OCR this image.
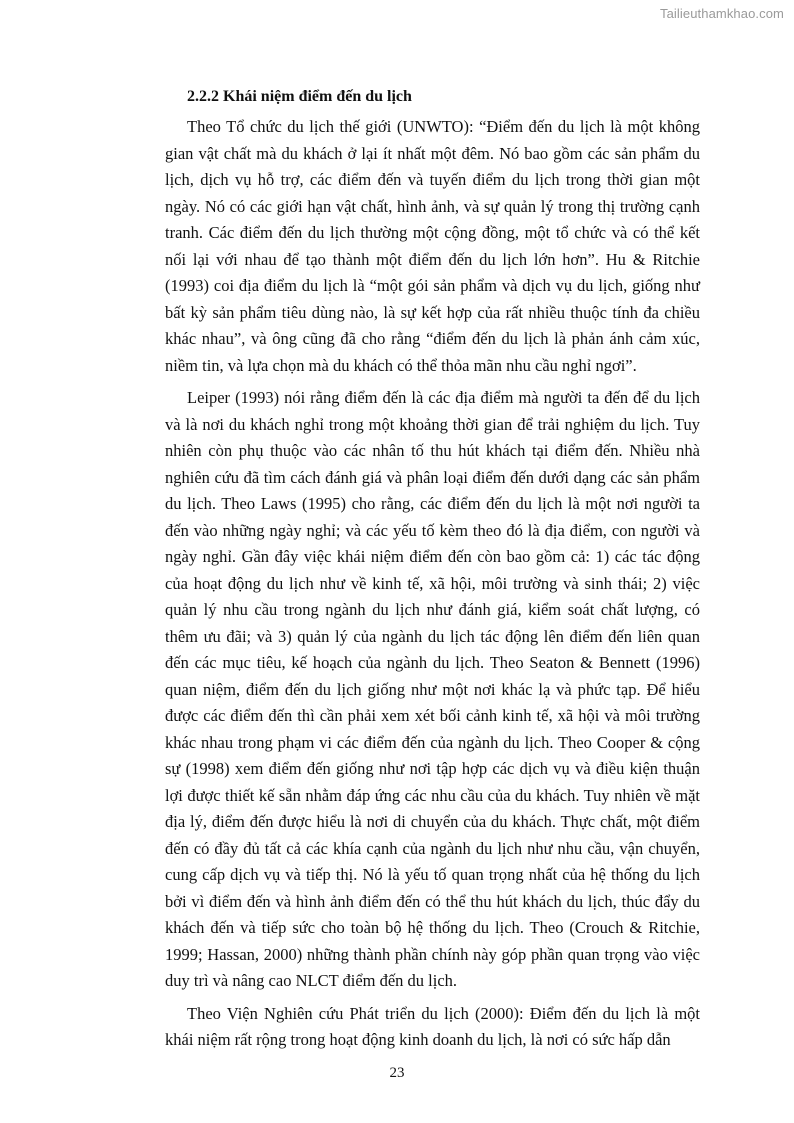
Tailieuthamkhao.com
2.2.2 Khái niệm điểm đến du lịch

Theo Tổ chức du lịch thế giới (UNWTO): “Điểm đến du lịch là một không gian vật chất mà du khách ở lại ít nhất một đêm. Nó bao gồm các sản phẩm du lịch, dịch vụ hỗ trợ, các điểm đến và tuyến điểm du lịch trong thời gian một ngày. Nó có các giới hạn vật chất, hình ảnh, và sự quản lý trong thị trường cạnh tranh. Các điểm đến du lịch thường một cộng đồng, một tổ chức và có thể kết nối lại với nhau để tạo thành một điểm đến du lịch lớn hơn”. Hu & Ritchie (1993) coi địa điểm du lịch là “một gói sản phẩm và dịch vụ du lịch, giống như bất kỳ sản phẩm tiêu dùng nào, là sự kết hợp của rất nhiều thuộc tính đa chiều khác nhau”, và ông cũng đã cho rằng “điểm đến du lịch là phản ánh cảm xúc, niềm tin, và lựa chọn mà du khách có thể thỏa mãn nhu cầu nghỉ ngơi”.

Leiper (1993) nói rằng điểm đến là các địa điểm mà người ta đến để du lịch và là nơi du khách nghỉ trong một khoảng thời gian để trải nghiệm du lịch. Tuy nhiên còn phụ thuộc vào các nhân tố thu hút khách tại điểm đến. Nhiều nhà nghiên cứu đã tìm cách đánh giá và phân loại điểm đến dưới dạng các sản phẩm du lịch. Theo Laws (1995) cho rằng, các điểm đến du lịch là một nơi người ta đến vào những ngày nghỉ; và các yếu tố kèm theo đó là địa điểm, con người và ngày nghỉ. Gần đây việc khái niệm điểm đến còn bao gồm cả: 1) các tác động của hoạt động du lịch như về kinh tế, xã hội, môi trường và sinh thái; 2) việc quản lý nhu cầu trong ngành du lịch như đánh giá, kiểm soát chất lượng, có thêm ưu đãi; và 3) quản lý của ngành du lịch tác động lên điểm đến liên quan đến các mục tiêu, kế hoạch của ngành du lịch. Theo Seaton & Bennett (1996) quan niệm, điểm đến du lịch giống như một nơi khác lạ và phức tạp. Để hiểu được các điểm đến thì cần phải xem xét bối cảnh kinh tế, xã hội và môi trường khác nhau trong phạm vi các điểm đến của ngành du lịch. Theo Cooper & cộng sự (1998) xem điểm đến giống như nơi tập hợp các dịch vụ và điều kiện thuận lợi được thiết kế sẵn nhằm đáp ứng các nhu cầu của du khách. Tuy nhiên về mặt địa lý, điểm đến được hiểu là nơi di chuyển của du khách. Thực chất, một điểm đến có đầy đủ tất cả các khía cạnh của ngành du lịch như nhu cầu, vận chuyển, cung cấp dịch vụ và tiếp thị. Nó là yếu tố quan trọng nhất của hệ thống du lịch bởi vì điểm đến và hình ảnh điểm đến có thể thu hút khách du lịch, thúc đẩy du khách đến và tiếp sức cho toàn bộ hệ thống du lịch. Theo (Crouch & Ritchie, 1999; Hassan, 2000) những thành phần chính này góp phần quan trọng vào việc duy trì và nâng cao NLCT điểm đến du lịch.

Theo Viện Nghiên cứu Phát triển du lịch (2000): Điểm đến du lịch là một khái niệm rất rộng trong hoạt động kinh doanh du lịch, là nơi có sức hấp dẫn

23
